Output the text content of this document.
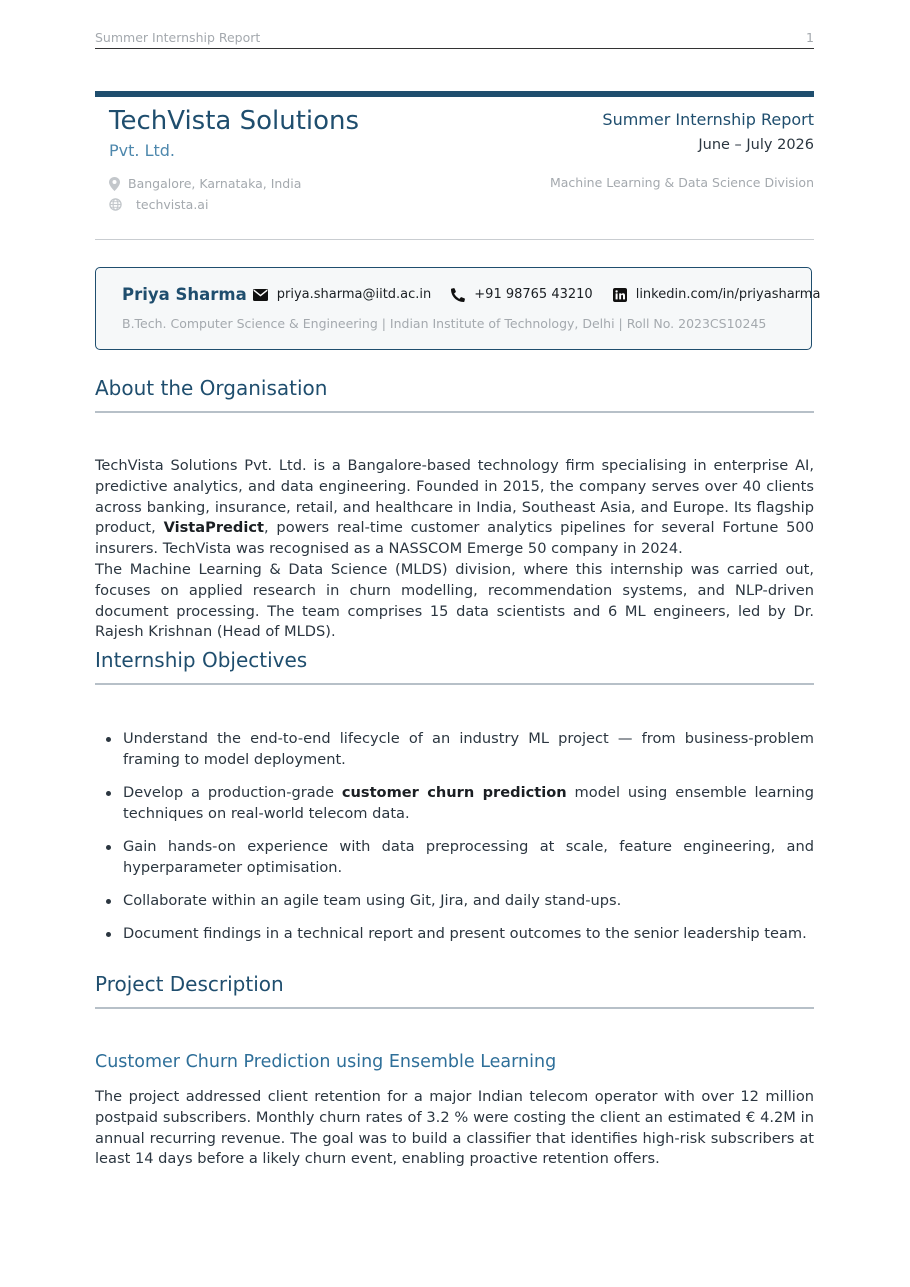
Summer Internship Report	1
TechVista Solutions
Pvt. Ltd.
Bangalore, Karnataka, India
techvista.ai
Summer Internship Report
June – July 2026
Machine Learning & Data Science Division
Priya Sharma priya.sharma@iitd.ac.in	+91 98765 43210	linkedin.com/in/priyasharma
B.Tech. Computer Science & Engineering | Indian Institute of Technology, Delhi | Roll No. 2023CS10245
About the Organisation

TechVista Solutions Pvt. Ltd. is a Bangalore-based technology firm specialising in enterprise AI, predictive analytics, and data engineering. Founded in 2015, the company serves over 40 clients across banking, insurance, retail, and healthcare in India, Southeast Asia, and Europe. Its flagship product, VistaPredict, powers real-time customer analytics pipelines for several Fortune 500 insurers. TechVista was recognised as a NASSCOM Emerge 50 company in 2024.

The Machine Learning & Data Science (MLDS) division, where this internship was carried out, focuses on applied research in churn modelling, recommendation systems, and NLP-driven document processing. The team comprises 15 data scientists and 6 ML engineers, led by Dr. Rajesh Krishnan (Head of MLDS).

Internship Objectives
Understand the end-to-end lifecycle of an industry ML project — from business-problem framing to model deployment.
Develop a production-grade customer churn prediction model using ensemble learning techniques on real-world telecom data.
Gain hands-on experience with data preprocessing at scale, feature engineering, and hyperparameter optimisation.
Collaborate within an agile team using Git, Jira, and daily stand-ups.
Document findings in a technical report and present outcomes to the senior leadership team.
Project Description
Customer Churn Prediction using Ensemble Learning

The project addressed client retention for a major Indian telecom operator with over 12 million postpaid subscribers. Monthly churn rates of 3.2 % were costing the client an estimated € 4.2M in annual recurring revenue. The goal was to build a classifier that identifies high-risk subscribers at least 14 days before a likely churn event, enabling proactive retention offers.
